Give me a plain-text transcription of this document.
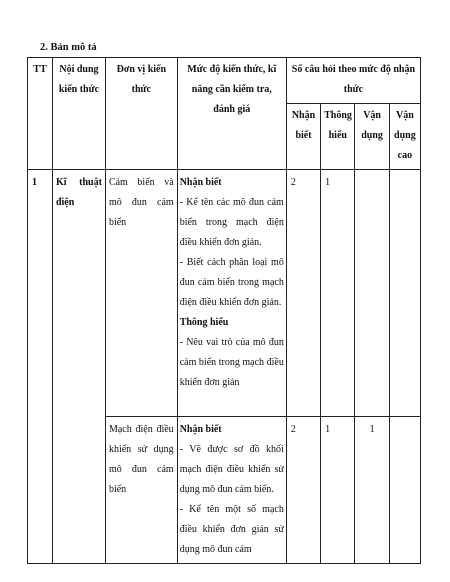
2. Bản mô tả
TT	Nội dung kiến thức	Đơn vị kiến thức	Mức độ kiến thức, kĩ năng cần kiểm tra, đánh giá	Số câu hỏi theo mức độ nhận thức			
				Nhận biết	Thông hiểu	Vận dụng	Vận dụng cao
1	Kĩ thuật điện	Cảm biến và mô đun cảm biến	Nhận biết
- Kể tên các mô đun cảm biến trong mạch điện điều khiển đơn giản.
- Biết cách phân loại mô đun cảm biến trong mạch điện điều khiển đơn giản.
Thông hiểu
- Nêu vai trò của mô đun cảm biến trong mạch điều khiển đơn giản	2	1		
		Mạch điện điều khiển sử dụng mô đun cảm biến	Nhận biết
- Vẽ được sơ đồ khối mạch điện điều khiển sử dụng mô đun cảm biến.
- Kể tên một số mạch điều khiển đơn giản sử dụng mô đun cảm	2	1	1	
